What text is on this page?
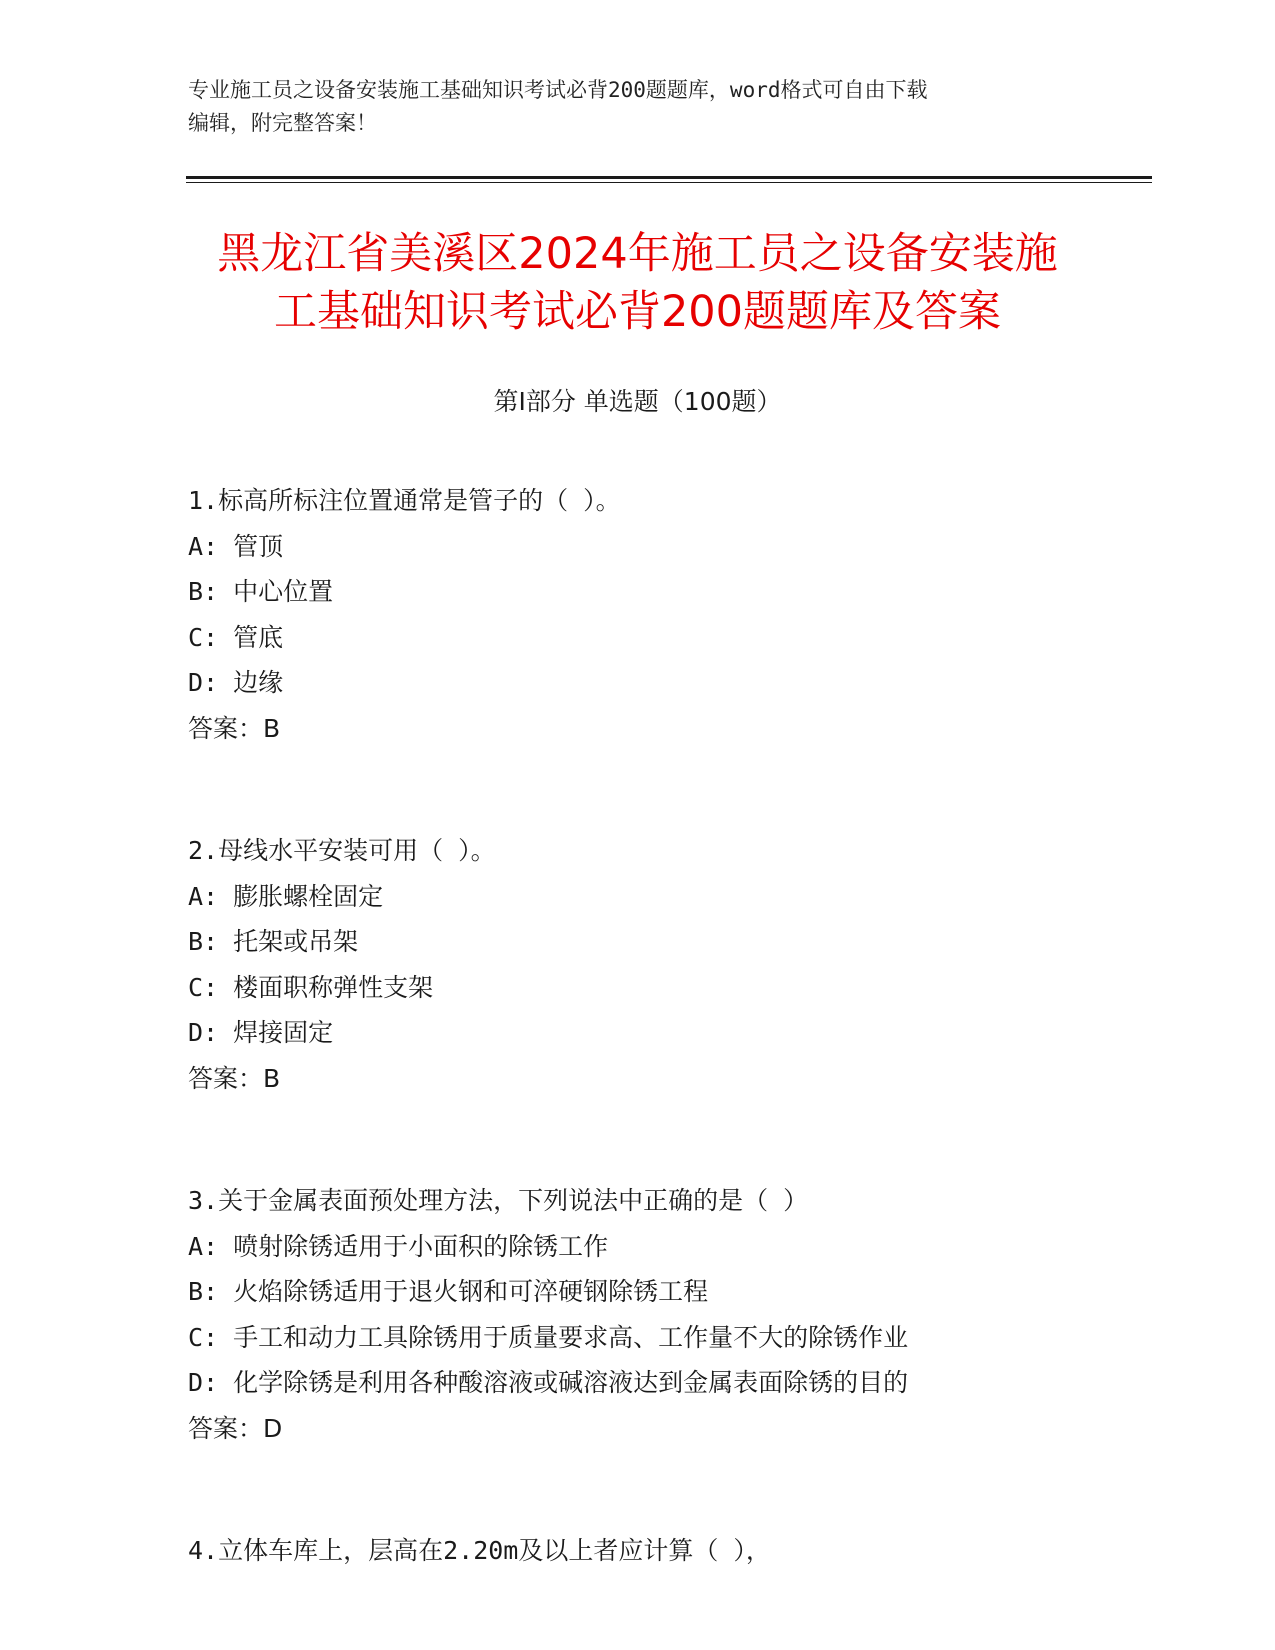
专业施工员之设备安装施工基础知识考试必背200题题库，word格式可自由下载
编辑，附完整答案！
黑龙江省美溪区2024年施工员之设备安装施
工基础知识考试必背200题题库及答案
第Ⅰ部分 单选题（100题）
1.标高所标注位置通常是管子的（ ）。
A: 管顶
B: 中心位置
C: 管底
D: 边缘
答案：B
2.母线水平安装可用（ ）。
A: 膨胀螺栓固定
B: 托架或吊架
C: 楼面职称弹性支架
D: 焊接固定
答案：B
3.关于金属表面预处理方法，下列说法中正确的是（ ）
A: 喷射除锈适用于小面积的除锈工作
B: 火焰除锈适用于退火钢和可淬硬钢除锈工程
C: 手工和动力工具除锈用于质量要求高、工作量不大的除锈作业
D: 化学除锈是利用各种酸溶液或碱溶液达到金属表面除锈的目的
答案：D
4.立体车库上，层高在2.20m及以上者应计算（ ），
